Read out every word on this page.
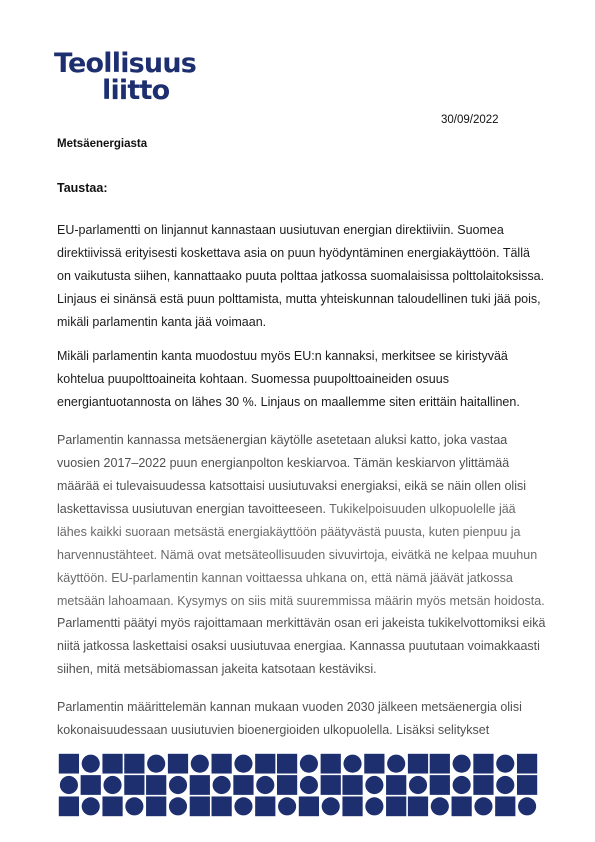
Teollisuus
liitto
30/09/2022
Metsäenergiasta
Taustaa:

EU-parlamentti on linjannut kannastaan uusiutuvan energian direktiiviin. Suomea direktiivissä erityisesti koskettava asia on puun hyödyntäminen energiakäyttöön. Tällä on vaikutusta siihen, kannattaako puuta polttaa jatkossa suomalaisissa polttolaitoksissa. Linjaus ei sinänsä estä puun polttamista, mutta yhteiskunnan taloudellinen tuki jää pois, mikäli parlamentin kanta jää voimaan.

Mikäli parlamentin kanta muodostuu myös EU:n kannaksi, merkitsee se kiristyvää kohtelua puupolttoaineita kohtaan. Suomessa puupolttoaineiden osuus energiantuotannosta on lähes 30 %. Linjaus on maallemme siten erittäin haitallinen.

Parlamentin kannassa metsäenergian käytölle asetetaan aluksi katto, joka vastaa vuosien 2017–2022 puun energianpolton keskiarvoa. Tämän keskiarvon ylittämää määrää ei tulevaisuudessa katsottaisi uusiutuvaksi energiaksi, eikä se näin ollen olisi laskettavissa uusiutuvan energian tavoitteeseen. Tukikelpoisuuden ulkopuolelle jää lähes kaikki suoraan metsästä energiakäyttöön päätyvästä puusta, kuten pienpuu ja harvennustähteet. Nämä ovat metsäteollisuuden sivuvirtoja, eivätkä ne kelpaa muuhun käyttöön. EU-parlamentin kannan voittaessa uhkana on, että nämä jäävät jatkossa metsään lahoamaan. Kysymys on siis mitä suuremmissa määrin myös metsän hoidosta.

Parlamentti päätyi myös rajoittamaan merkittävän osan eri jakeista tukikelvottomiksi eikä niitä jatkossa laskettaisi osaksi uusiutuvaa energiaa. Kannassa puututaan voimakkaasti siihen, mitä metsäbiomassan jakeita katsotaan kestäviksi.

Parlamentin määrittelemän kannan mukaan vuoden 2030 jälkeen metsäenergia olisi kokonaisuudessaan uusiutuvien bioenergioiden ulkopuolella. Lisäksi selitykset
